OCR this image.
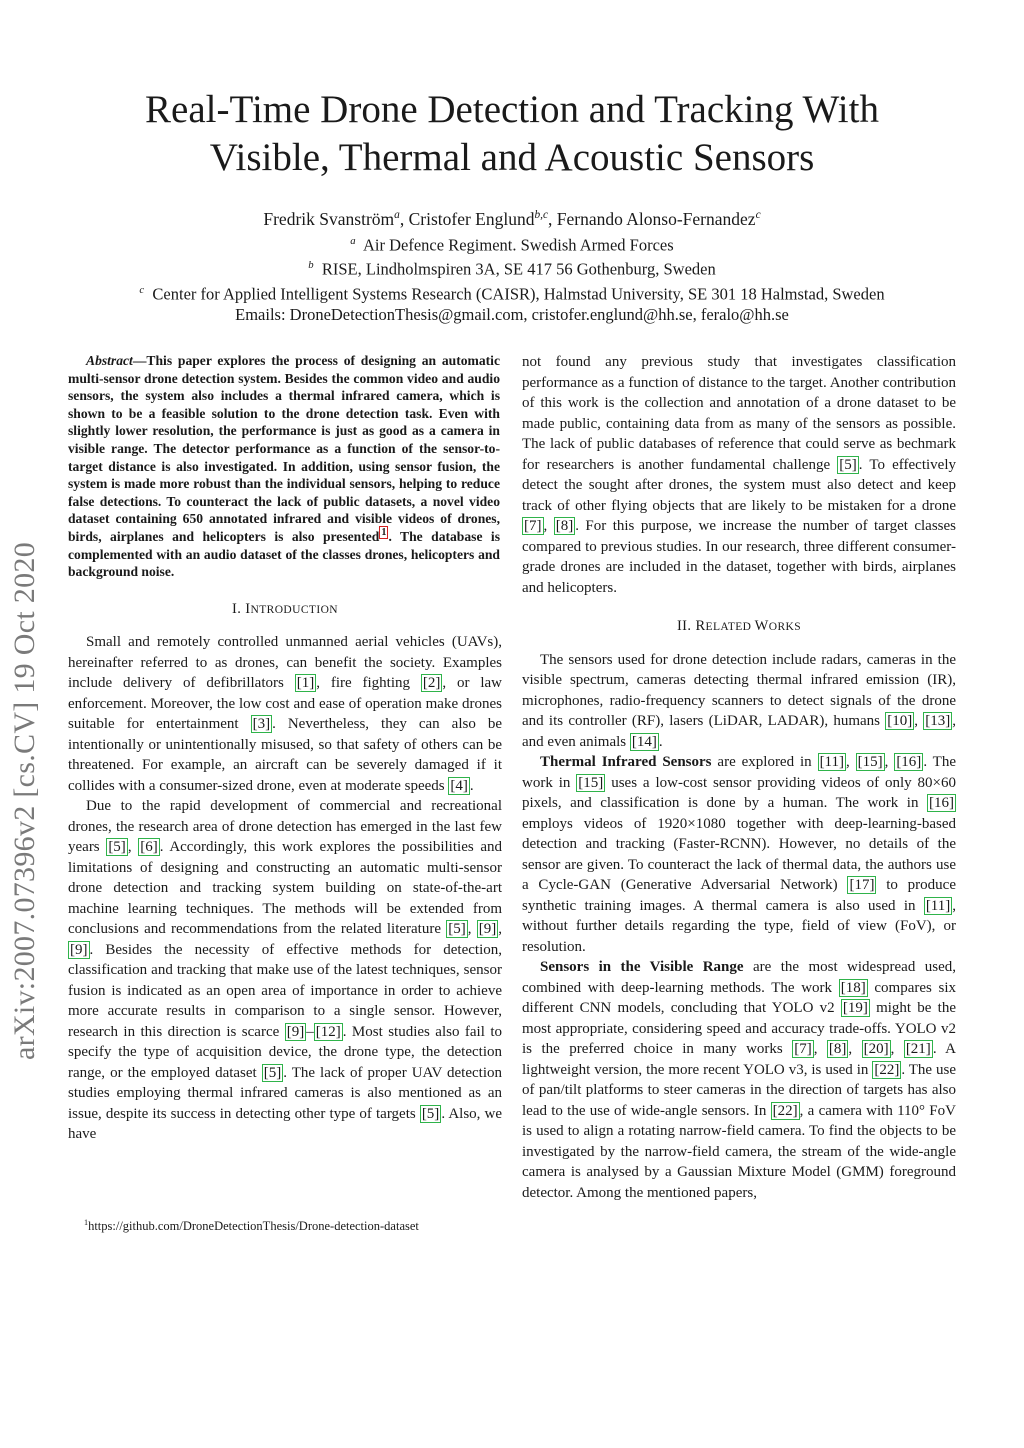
arXiv:2007.07396v2 [cs.CV] 19 Oct 2020
Real-Time Drone Detection and Tracking With
Visible, Thermal and Acoustic Sensors
Fredrik Svanström$^a$, Cristofer Englund$^{b,c}$, Fernando Alonso-Fernandez$^c$
$^a$ Air Defence Regiment. Swedish Armed Forces
$^b$ RISE, Lindholmspiren 3A, SE 417 56 Gothenburg, Sweden
$^c$ Center for Applied Intelligent Systems Research (CAISR), Halmstad University, SE 301 18 Halmstad, Sweden
Emails: DroneDetectionThesis@gmail.com, cristofer.englund@hh.se, feralo@hh.se

Abstract—This paper explores the process of designing an automatic multi-sensor drone detection system. Besides the common video and audio sensors, the system also includes a thermal infrared camera, which is shown to be a feasible solution to the drone detection task. Even with slightly lower resolution, the performance is just as good as a camera in visible range. The detector performance as a function of the sensor-to-target distance is also investigated. In addition, using sensor fusion, the system is made more robust than the individual sensors, helping to reduce false detections. To counteract the lack of public datasets, a novel video dataset containing 650 annotated infrared and visible videos of drones, birds, airplanes and helicopters is also presented $^1$ . The database is complemented with an audio dataset of the classes drones, helicopters and background noise.

I. INTRODUCTION

Small and remotely controlled unmanned aerial vehicles (UAVs), hereinafter referred to as drones, can benefit the society. Examples include delivery of defibrillators [1] , fire fighting [2] , or law enforcement. Moreover, the low cost and ease of operation make drones suitable for entertainment [3] . Nevertheless, they can also be intentionally or unintentionally misused, so that safety of others can be threatened. For example, an aircraft can be severely damaged if it collides with a consumer-sized drone, even at moderate speeds [4] .

Due to the rapid development of commercial and recreational drones, the research area of drone detection has emerged in the last few years [5] , [6] . Accordingly, this work explores the possibilities and limitations of designing and constructing an automatic multi-sensor drone detection and tracking system building on state-of-the-art machine learning techniques. The methods will be extended from conclusions and recommendations from the related literature [5] , [9] , [9] . Besides the necessity of effective methods for detection, classification and tracking that make use of the latest techniques, sensor fusion is indicated as an open area of importance in order to achieve more accurate results in comparison to a single sensor. However, research in this direction is scarce [9] – [12] . Most studies also fail to specify the type of acquisition device, the drone type, the detection range, or the employed dataset [5] . The lack of proper UAV detection studies employing thermal infrared cameras is also mentioned as an issue, despite its success in detecting other type of targets [5] . Also, we have

not found any previous study that investigates classification performance as a function of distance to the target. Another contribution of this work is the collection and annotation of a drone dataset to be made public, containing data from as many of the sensors as possible. The lack of public databases of reference that could serve as bechmark for researchers is another fundamental challenge [5] . To effectively detect the sought after drones, the system must also detect and keep track of other flying objects that are likely to be mistaken for a drone [7] , [8] . For this purpose, we increase the number of target classes compared to previous studies. In our research, three different consumer-grade drones are included in the dataset, together with birds, airplanes and helicopters.

II. RELATED WORKS

The sensors used for drone detection include radars, cameras in the visible spectrum, cameras detecting thermal infrared emission (IR), microphones, radio-frequency scanners to detect signals of the drone and its controller (RF), lasers (LiDAR, LADAR), humans [10] , [13] , and even animals [14] .

Thermal Infrared Sensors are explored in [11] , [15] , [16] . The work in [15] uses a low-cost sensor providing videos of only 80×60 pixels, and classification is done by a human. The work in [16] employs videos of 1920×1080 together with deep-learning-based detection and tracking (Faster-RCNN). However, no details of the sensor are given. To counteract the lack of thermal data, the authors use a Cycle-GAN (Generative Adversarial Network) [17] to produce synthetic training images. A thermal camera is also used in [11] , without further details regarding the type, field of view (FoV), or resolution.

Sensors in the Visible Range are the most widespread used, combined with deep-learning methods. The work [18] compares six different CNN models, concluding that YOLO v2 [19] might be the most appropriate, considering speed and accuracy trade-offs. YOLO v2 is the preferred choice in many works [7] , [8] , [20] , [21] . A lightweight version, the more recent YOLO v3, is used in [22] . The use of pan/tilt platforms to steer cameras in the direction of targets has also lead to the use of wide-angle sensors. In [22] , a camera with 110° FoV is used to align a rotating narrow-field camera. To find the objects to be investigated by the narrow-field camera, the stream of the wide-angle camera is analysed by a Gaussian Mixture Model (GMM) foreground detector. Among the mentioned papers,

$^1$https://github.com/DroneDetectionThesis/Drone-detection-dataset
